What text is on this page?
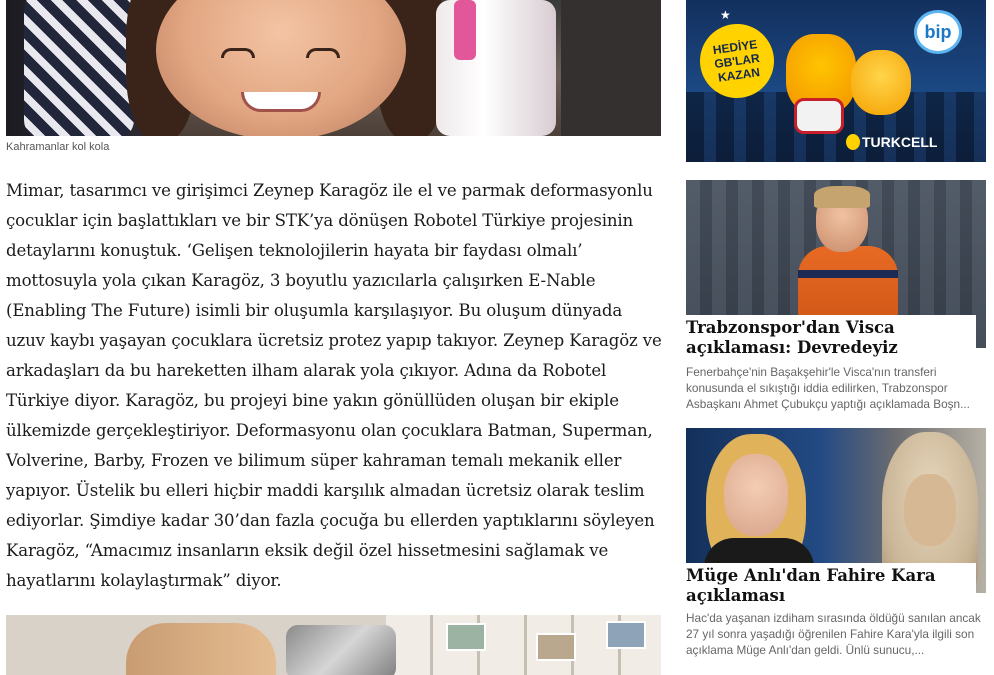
Kahramanlar kol kola

Mimar, tasarımcı ve girişimci Zeynep Karagöz ile el ve parmak deformasyonlu çocuklar için başlattıkları ve bir STK’ya dönüşen Robotel Türkiye projesinin detaylarını konuştuk. ‘Gelişen teknolojilerin hayata bir faydası olmalı’ mottosuyla yola çıkan Karagöz, 3 boyutlu yazıcılarla çalışırken E-Nable (Enabling The Future) isimli bir oluşumla karşılaşıyor. Bu oluşum dünyada uzuv kaybı yaşayan çocuklara ücretsiz protez yapıp takıyor. Zeynep Karagöz ve arkadaşları da bu hareketten ilham alarak yola çıkıyor. Adına da Robotel Türkiye diyor. Karagöz, bu projeyi bine yakın gönüllüden oluşan bir ekiple ülkemizde gerçekleştiriyor. Deformasyonu olan çocuklara Batman, Superman, Volverine, Barby, Frozen ve bilimum süper kahraman temalı mekanik eller yapıyor. Üstelik bu elleri hiçbir maddi karşılık almadan ücretsiz olarak teslim ediyorlar. Şimdiye kadar 30’dan fazla çocuğa bu ellerden yaptıklarını söyleyen Karagöz, “Amacımız insanların eksik değil özel hissetmesini sağlamak ve hayatlarını kolaylaştırmak” diyor.

★
HEDİYE GB'LAR KAZAN
bip
TURKCELL
Trabzonspor'dan Visca açıklaması: Devredeyiz
Fenerbahçe'nin Başakşehir'le Visca'nın transferi konusunda el sıkıştığı iddia edilirken, Trabzonspor Asbaşkanı Ahmet Çubukçu yaptığı açıklamada Boşn...
Müge Anlı'dan Fahire Kara açıklaması
Hac'da yaşanan izdiham sırasında öldüğü sanılan ancak 27 yıl sonra yaşadığı öğrenilen Fahire Kara'yla ilgili son açıklama Müge Anlı'dan geldi. Ünlü sunucu,...
